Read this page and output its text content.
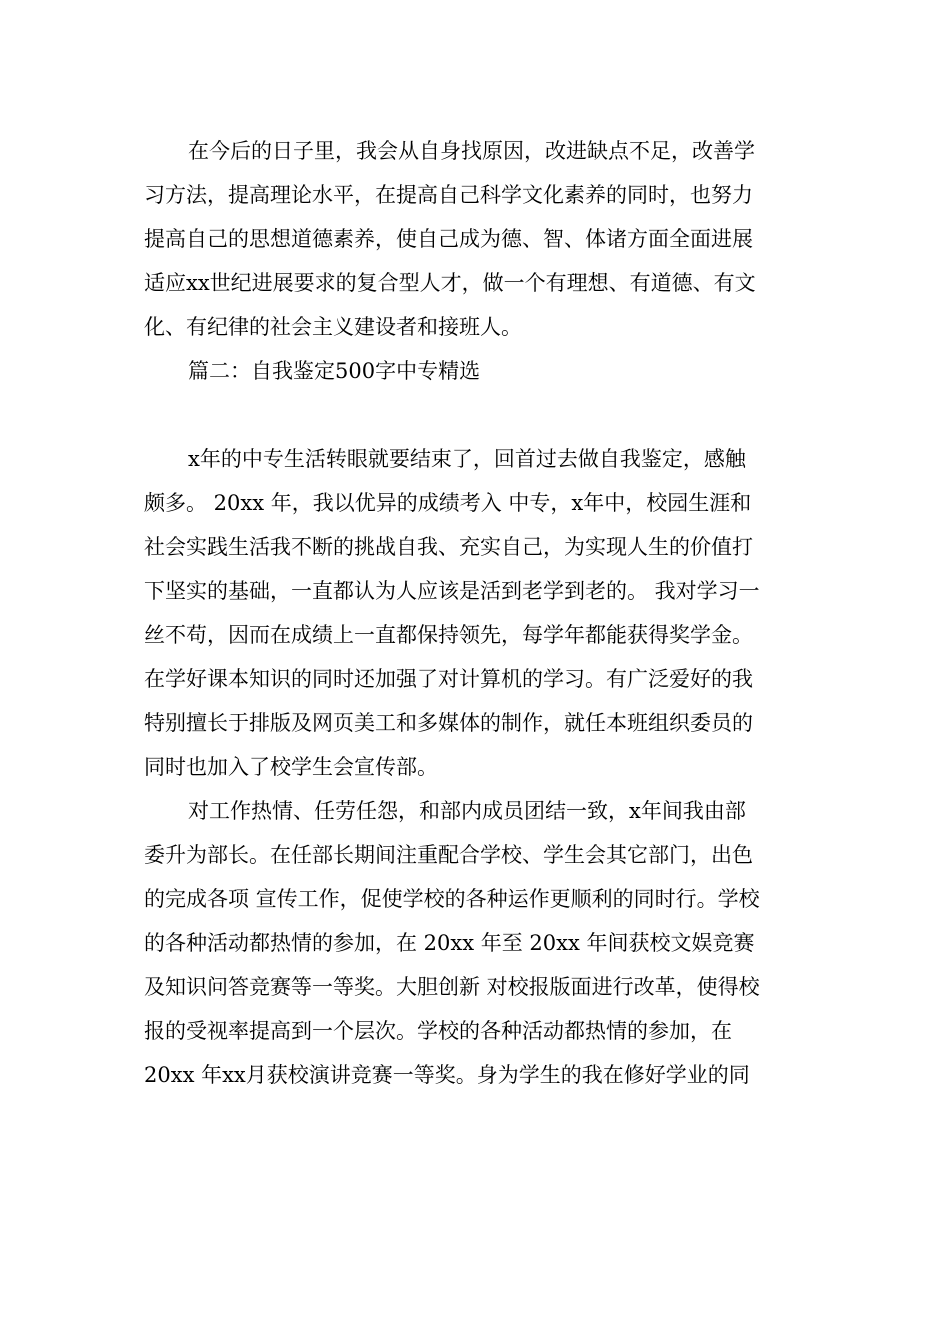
在今后的日子里，我会从自身找原因，改进缺点不足，改善学
习方法，提高理论水平，在提高自己科学文化素养的同时，也努力
提高自己的思想道德素养，使自己成为德、智、体诸方面全面进展
适应xx世纪进展要求的复合型人才，做一个有理想、有道德、有文
化、有纪律的社会主义建设者和接班人。
篇二：自我鉴定500字中专精选
x年的中专生活转眼就要结束了，回首过去做自我鉴定，感触
颇多。 20xx 年，我以优异的成绩考入 中专，x年中，校园生涯和
社会实践生活我不断的挑战自我、充实自己，为实现人生的价值打
下坚实的基础，一直都认为人应该是活到老学到老的。 我对学习一
丝不苟，因而在成绩上一直都保持领先，每学年都能获得奖学金。
在学好课本知识的同时还加强了对计算机的学习。有广泛爱好的我
特别擅长于排版及网页美工和多媒体的制作，就任本班组织委员的
同时也加入了校学生会宣传部。
对工作热情、任劳任怨，和部内成员团结一致，x年间我由部
委升为部长。在任部长期间注重配合学校、学生会其它部门，出色
的完成各项 宣传工作，促使学校的各种运作更顺利的同时行。学校
的各种活动都热情的参加，在 20xx 年至 20xx 年间获校文娱竞赛
及知识问答竞赛等一等奖。大胆创新 对校报版面进行改革，使得校
报的受视率提高到一个层次。学校的各种活动都热情的参加，在
20xx 年xx月获校演讲竞赛一等奖。身为学生的我在修好学业的同
